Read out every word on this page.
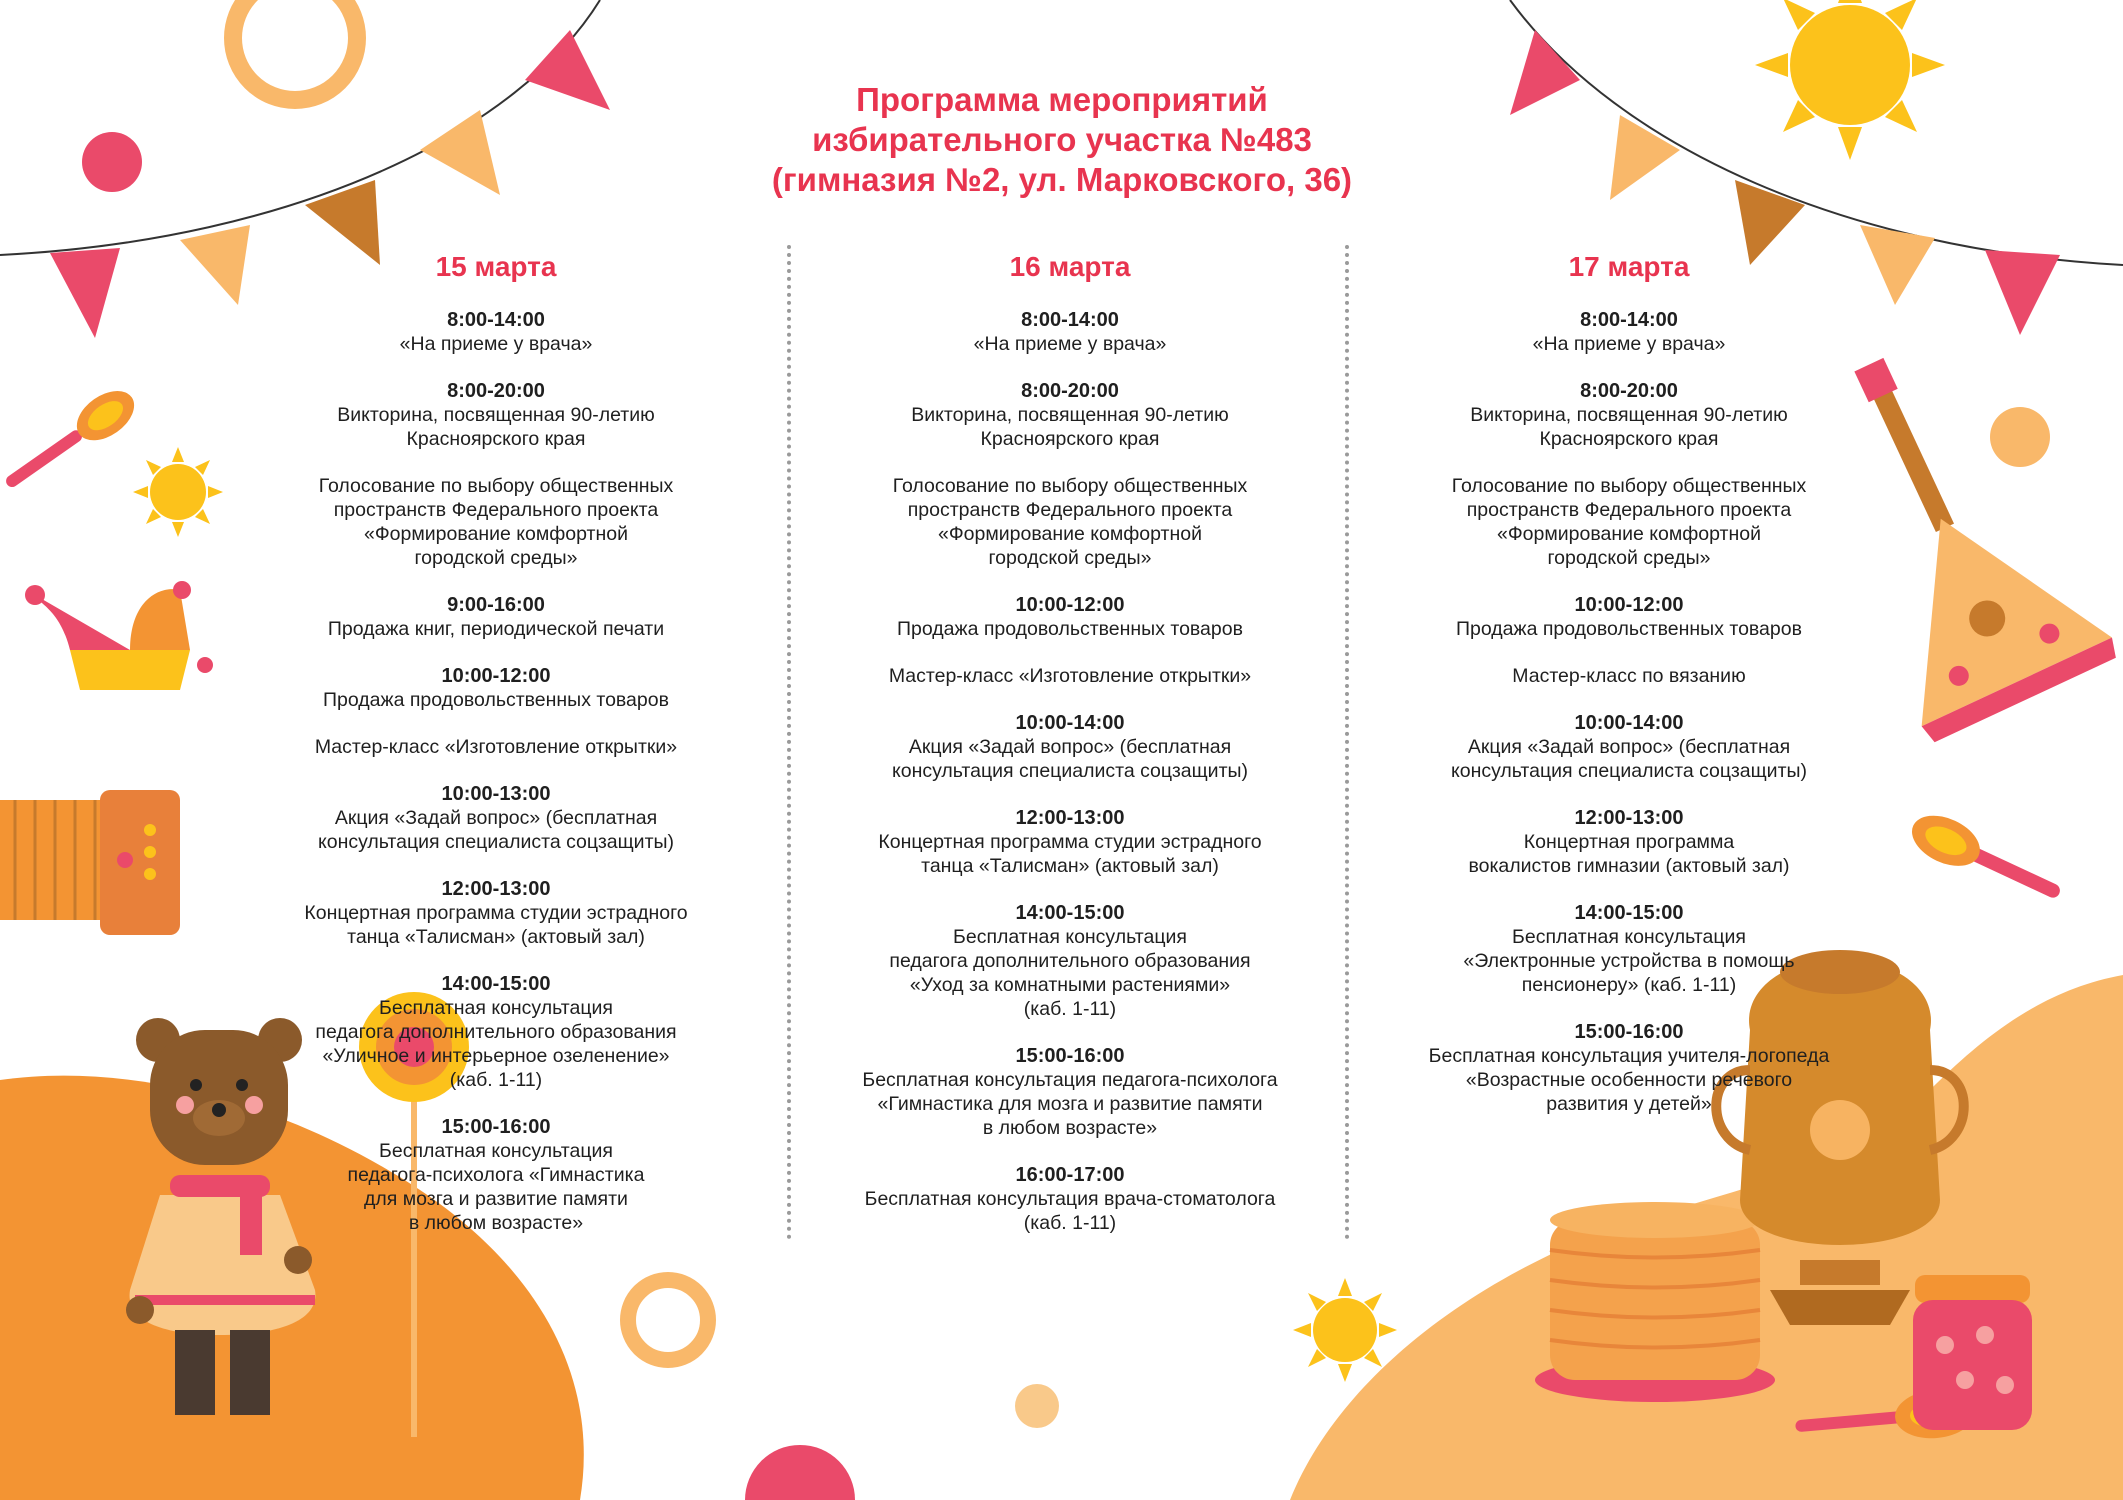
Программа мероприятий
избирательного участка №483
(гимназия №2, ул. Марковского, 36)
15 марта
8:00-14:00
«На приеме у врача»
8:00-20:00
Викторина, посвященная 90-летию
Красноярского края
Голосование по выбору общественных
пространств Федерального проекта
«Формирование комфортной
городской среды»
9:00-16:00
Продажа книг, периодической печати
10:00-12:00
Продажа продовольственных товаров
Мастер-класс «Изготовление открытки»
10:00-13:00
Акция «Задай вопрос» (бесплатная
консультация специалиста соцзащиты)
12:00-13:00
Концертная программа студии эстрадного
танца «Талисман» (актовый зал)
14:00-15:00
Бесплатная консультация
педагога дополнительного образования
«Уличное и интерьерное озеленение»
(каб. 1-11)
15:00-16:00
Бесплатная консультация
педагога-психолога «Гимнастика
для мозга и развитие памяти
в любом возрасте»
16 марта
8:00-14:00
«На приеме у врача»
8:00-20:00
Викторина, посвященная 90-летию
Красноярского края
Голосование по выбору общественных
пространств Федерального проекта
«Формирование комфортной
городской среды»
10:00-12:00
Продажа продовольственных товаров
Мастер-класс «Изготовление открытки»
10:00-14:00
Акция «Задай вопрос» (бесплатная
консультация специалиста соцзащиты)
12:00-13:00
Концертная программа студии эстрадного
танца «Талисман» (актовый зал)
14:00-15:00
Бесплатная консультация
педагога дополнительного образования
«Уход за комнатными растениями»
(каб. 1-11)
15:00-16:00
Бесплатная консультация педагога-психолога
«Гимнастика для мозга и развитие памяти
в любом возрасте»
16:00-17:00
Бесплатная консультация врача-стоматолога
(каб. 1-11)
17 марта
8:00-14:00
«На приеме у врача»
8:00-20:00
Викторина, посвященная 90-летию
Красноярского края
Голосование по выбору общественных
пространств Федерального проекта
«Формирование комфортной
городской среды»
10:00-12:00
Продажа продовольственных товаров
Мастер-класс по вязанию
10:00-14:00
Акция «Задай вопрос» (бесплатная
консультация специалиста соцзащиты)
12:00-13:00
Концертная программа
вокалистов гимназии (актовый зал)
14:00-15:00
Бесплатная консультация
«Электронные устройства в помощь
пенсионеру» (каб. 1-11)
15:00-16:00
Бесплатная консультация учителя-логопеда
«Возрастные особенности речевого
развития у детей»
